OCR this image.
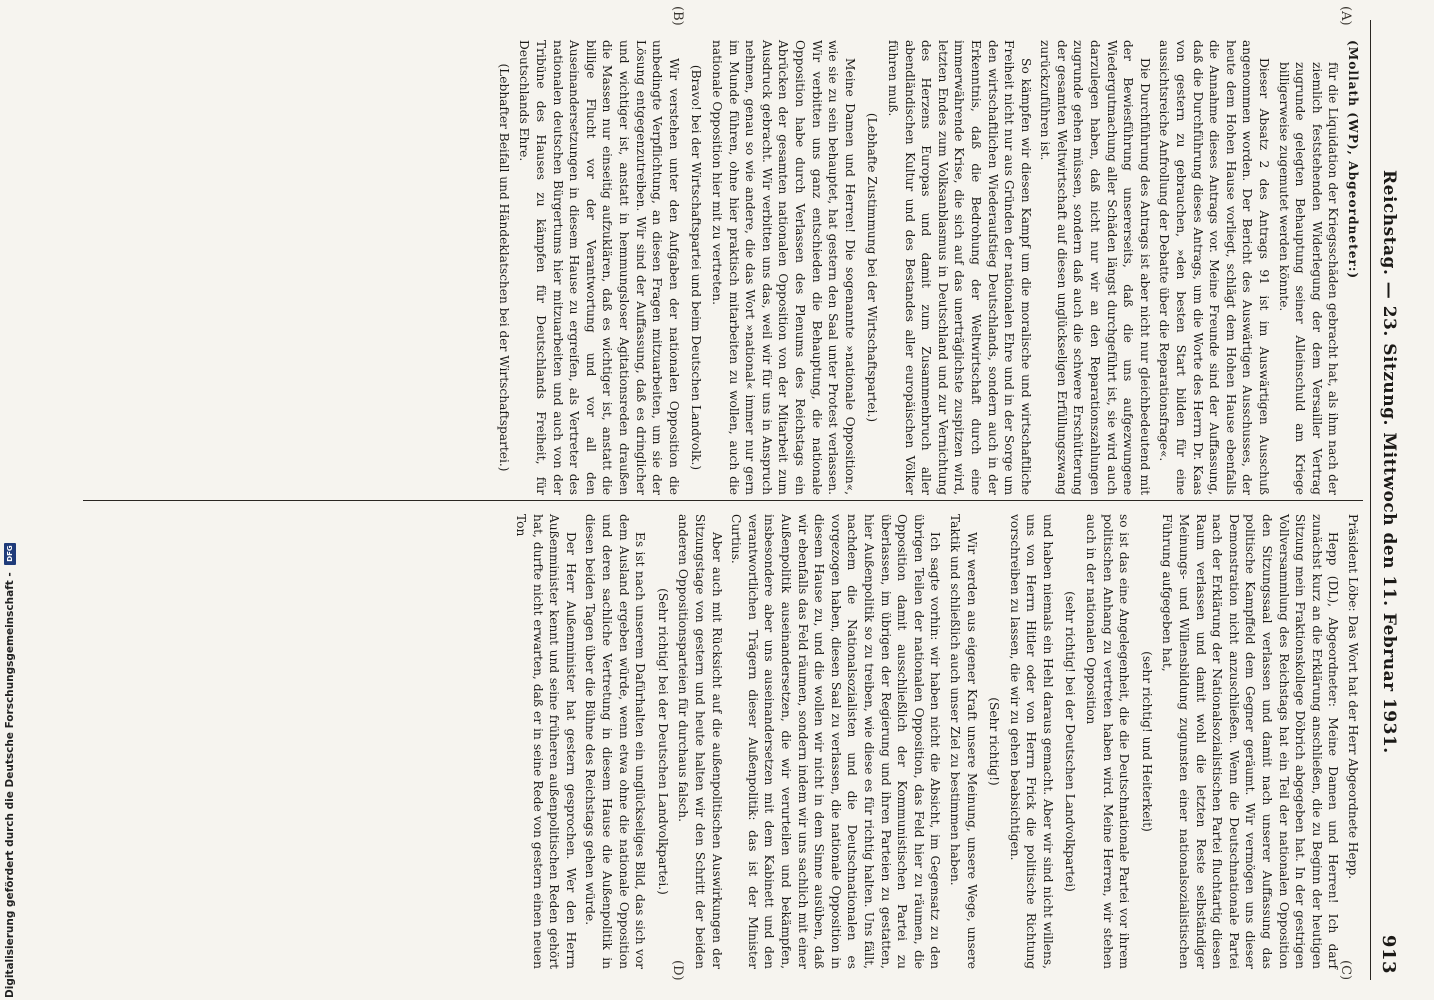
Reichstag. — 23. Sitzung. Mittwoch den 11. Februar 1931.
913
(A)
(B)
(C)
(D)

(Mollath (WP), Abgeordneter:)

für die Liquidation der Kriegsschäden gebracht hat, als ihm nach der ziemlich feststehenden Widerlegung der dem Versailler Vertrag zugrunde gelegten Behauptung seiner Alleinschuld am Kriege billigerweise zugemutet werden könnte.

Dieser Absatz 2 des Antrags 91 ist im Auswärtigen Ausschuß angenommen worden. Der Bericht des Auswärtigen Ausschusses, der heute dem Hohen Hause vorliegt, schlägt dem Hohen Hause ebenfalls die Annahme dieses Antrags vor. Meine Freunde sind der Auffassung, daß die Durchführung dieses Antrags, um die Worte des Herrn Dr. Kaas von gestern zu gebrauchen, »den besten Start bilden für eine aussichtsreiche Anfrollung der Debatte über die Reparationsfrage«.

Die Durchführung des Antrags ist aber nicht nur gleichbedeutend mit der Bewiesführung unsererseits, daß die uns aufgezwungene Wiedergutmachung aller Schäden längst durchgeführt ist, sie wird auch darzulegen haben, daß nicht nur wir an den Reparationszahlungen zugrunde gehen müssen, sondern daß auch die schwere Erschütterung der gesamten Weltwirtschaft auf diesen unglückseligen Erfüllungszwang zurückzuführen ist.

So kämpfen wir diesen Kampf um die moralische und wirtschaftliche Freiheit nicht nur aus Gründen der nationalen Ehre und in der Sorge um den wirtschaftlichen Wiederaufstieg Deutschlands, sondern auch in der Erkenntnis, daß die Bedrohung der Weltwirtschaft durch eine immerwährende Krise, die sich auf das unerträglichste zuspitzen wird, letzten Endes zum Volksanblasmus in Deutschland und zur Vernichtung des Herzens Europas und damit zum Zusammenbruch aller abendländischen Kultur und des Bestandes aller europäischen Völker führen muß.

(Lebhafte Zustimmung bei der Wirtschaftspartei.)

Meine Damen und Herren! Die sogenannte »nationale Opposition«, wie sie zu sein behauptet, hat gestern den Saal unter Protest verlassen. Wir verbitten uns ganz entschieden die Behauptung, die nationale Opposition habe durch Verlassen des Plenums des Reichstags ein Abrücken der gesamten nationalen Opposition von der Mitarbeit zum Ausdruck gebracht. Wir verbitten uns das, weil wir für uns in Anspruch nehmen, genau so wie andere, die das Wort »national« immer nur gern im Munde führen, ohne hier praktisch mitarbeiten zu wollen, auch die nationale Opposition hier mit zu vertreten.

(Bravo! bei der Wirtschaftspartei und beim Deutschen Landvolk.)

Wir verstehen unter den Aufgaben der nationalen Opposition die unbedingte Verpflichtung, an diesen Fragen mitzuarbeiten, um sie der Lösung entgegenzutreiben. Wir sind der Auffassung, daß es dringlicher und wichtiger ist, anstatt in hemmungsloser Agitationsreden draußen die Massen nur einseitig aufzuklären, daß es wichtiger ist, anstatt die billige Flucht vor der Verantwortung und vor all den Auseinandersetzungen in diesem Hause zu ergreifen, als Vertreter des nationalen deutschen Bürgertums hier mitzuarbeiten und auch von der Tribüne des Hauses zu kämpfen für Deutschlands Freiheit, für Deutschlands Ehre.

(Lebhafter Beifall und Händeklatschen bei der Wirtschaftspartei.)

Präsident Löbe: Das Wort hat der Herr Abgeordnete Hepp.

Hepp (DL), Abgeordneter: Meine Damen und Herren! Ich darf zunächst kurz an die Erklärung anschließen, die zu Beginn der heutigen Sitzung mein Fraktionskollege Döbrich abgegeben hat. In der gestrigen Vollversammlung des Reichstags hat ein Teil der nationalen Opposition den Sitzungssaal verlassen und damit nach unserer Auffassung das politische Kampffeld dem Gegner geräumt. Wir vermögen uns dieser Demonstration nicht anzuschließen. Wenn die Deutschnationale Partei nach der Erklärung der Nationalsozialistischen Partei fluchtartig diesen Raum verlassen und damit wohl die letzten Reste selbständiger Meinungs- und Willensbildung zugunsten einer nationalsozialistischen Führung aufgegeben hat,

(sehr richtig! und Heiterkeit)

so ist das eine Angelegenheit, die die Deutschnationale Partei vor ihrem politischen Anhang zu vertreten haben wird. Meine Herren, wir stehen auch in der nationalen Opposition

(sehr richtig! bei der Deutschen Landvolkpartei)

und haben niemals ein Hehl daraus gemacht. Aber wir sind nicht willens, uns von Herrn Hitler oder von Herrn Frick die politische Richtung vorschreiben zu lassen, die wir zu gehen beabsichtigen.

(Sehr richtig!)

Wir werden aus eigener Kraft unsere Meinung, unsere Wege, unsere Taktik und schließlich auch unser Ziel zu bestimmen haben.

Ich sagte vorhin: wir haben nicht die Absicht, im Gegensatz zu den übrigen Teilen der nationalen Opposition, das Feld hier zu räumen, die Opposition damit ausschließlich der Kommunistischen Partei zu überlassen, im übrigen der Regierung und ihren Parteien zu gestatten, hier Außenpolitik so zu treiben, wie diese es für richtig halten. Uns fällt, nachdem die Nationalsozialisten und die Deutschnationalen es vorgezogen haben, diesen Saal zu verlassen, die nationale Opposition in diesem Hause zu, und die wollen wir nicht in dem Sinne ausüben, daß wir ebenfalls das Feld räumen, sondern indem wir uns sachlich mit einer Außenpolitik auseinandersetzen, die wir verurteilen und bekämpfen, insbesondere aber uns auseinandersetzen mit dem Kabinett und den verantwortlichen Trägern dieser Außenpolitik: das ist der Minister Curtius.

Aber auch mit Rücksicht auf die außenpolitischen Auswirkungen der Sitzungstage von gestern und heute halten wir den Schritt der beiden anderen Oppositionsparteien für durchaus falsch.

(Sehr richtig! bei der Deutschen Landvolkpartei.)

Es ist nach unserem Dafürhalten ein unglückseliges Bild, das sich vor dem Ausland ergeben würde, wenn etwa ohne die nationale Opposition und deren sachliche Vertretung in diesem Hause die Außenpolitik in diesen beiden Tagen über die Bühne des Reichstags gehen würde.

Der Herr Außenminister hat gestern gesprochen. Wer den Herrn Außenminister kennt und seine früheren außenpolitischen Reden gehört hat, durfte nicht erwarten, daß er in seine Rede von gestern einen neuen Ton

Digitalisierung gefördert durch die Deutsche Forschungsgemeinschaft - DFG
